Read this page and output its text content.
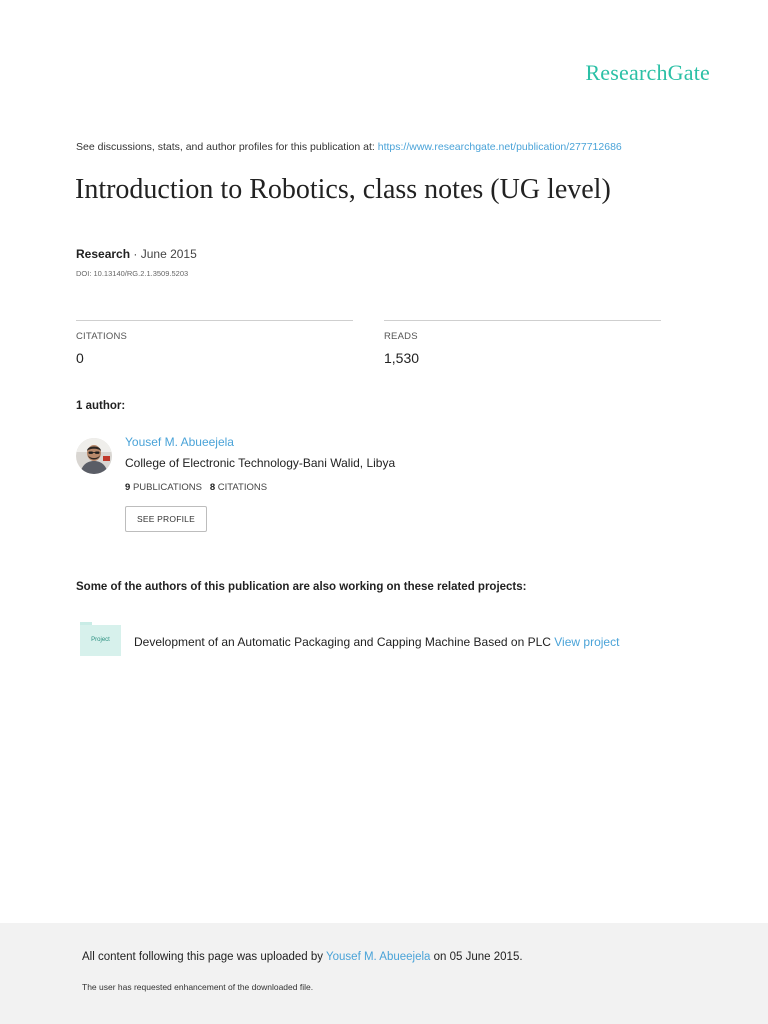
ResearchGate
See discussions, stats, and author profiles for this publication at: https://www.researchgate.net/publication/277712686
Introduction to Robotics, class notes (UG level)
Research · June 2015
DOI: 10.13140/RG.2.1.3509.5203
CITATIONS
0
READS
1,530
1 author:
Yousef M. Abueejela
College of Electronic Technology-Bani Walid, Libya
9 PUBLICATIONS 8 CITATIONS
SEE PROFILE
Some of the authors of this publication are also working on these related projects:
Project	Development of an Automatic Packaging and Capping Machine Based on PLC View project
All content following this page was uploaded by Yousef M. Abueejela on 05 June 2015.
The user has requested enhancement of the downloaded file.
